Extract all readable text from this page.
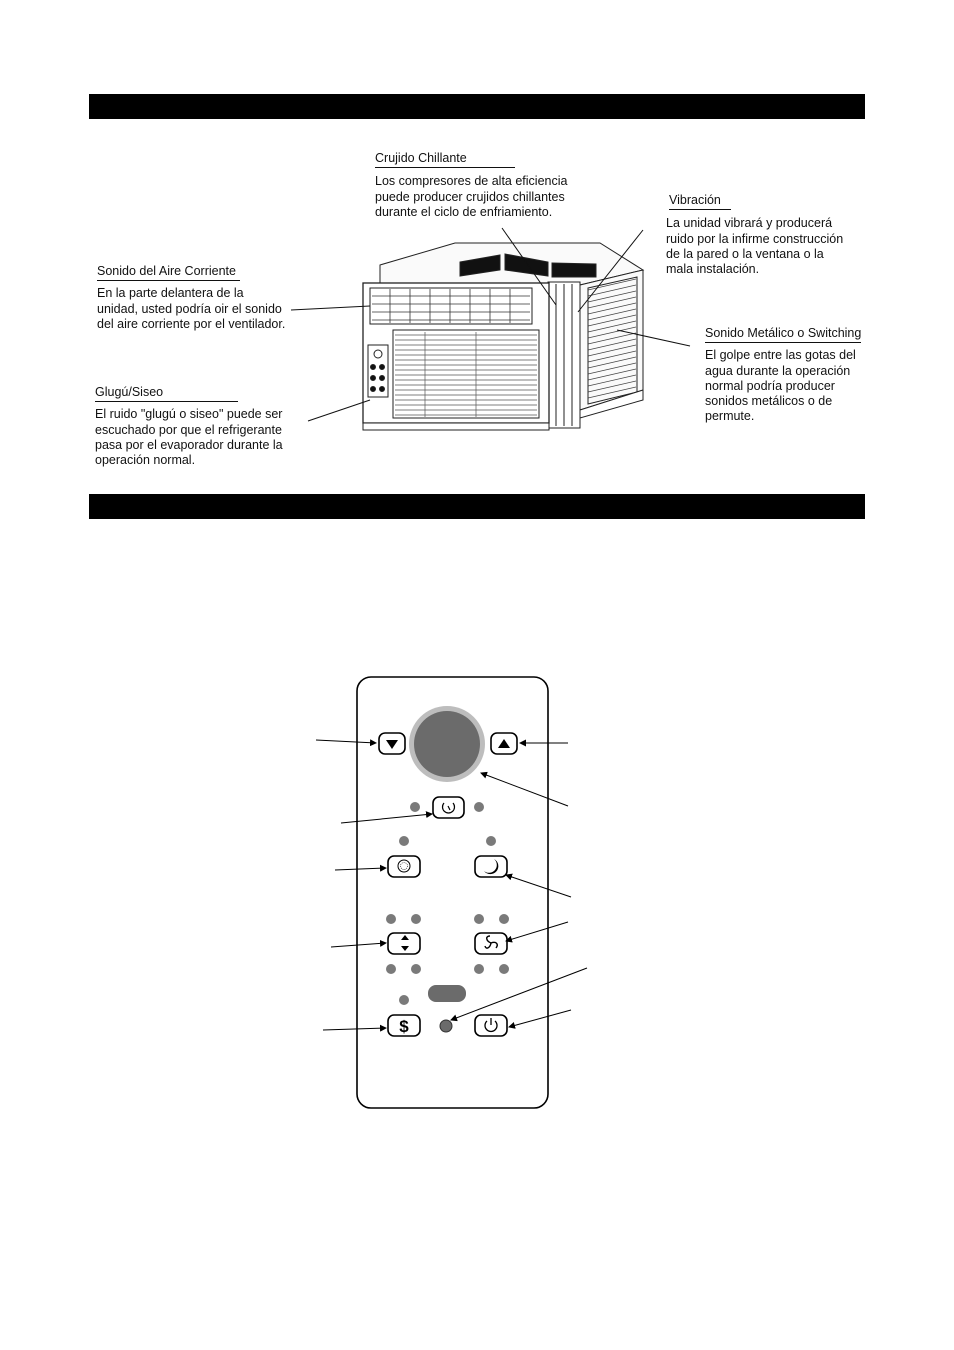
Crujido Chillante
Los compresores de alta eficiencia
puede producer crujidos chillantes
durante el ciclo de enfriamiento.
Vibración
La unidad vibrará y producerá
ruido por la infirme construcción
de la pared o la ventana o la
mala instalación.
Sonido del Aire Corriente
En la parte delantera de la
unidad, usted podría oir el sonido
del aire corriente por el ventilador.
Sonido Metálico o Switching
El golpe entre las gotas del
agua durante la operación
normal podría producer
sonidos metálicos o de
permute.
Glugú/Siseo
El ruido "glugú o siseo" puede ser
escuchado por que el refrigerante
pasa por el evaporador durante la
operación normal.
$
